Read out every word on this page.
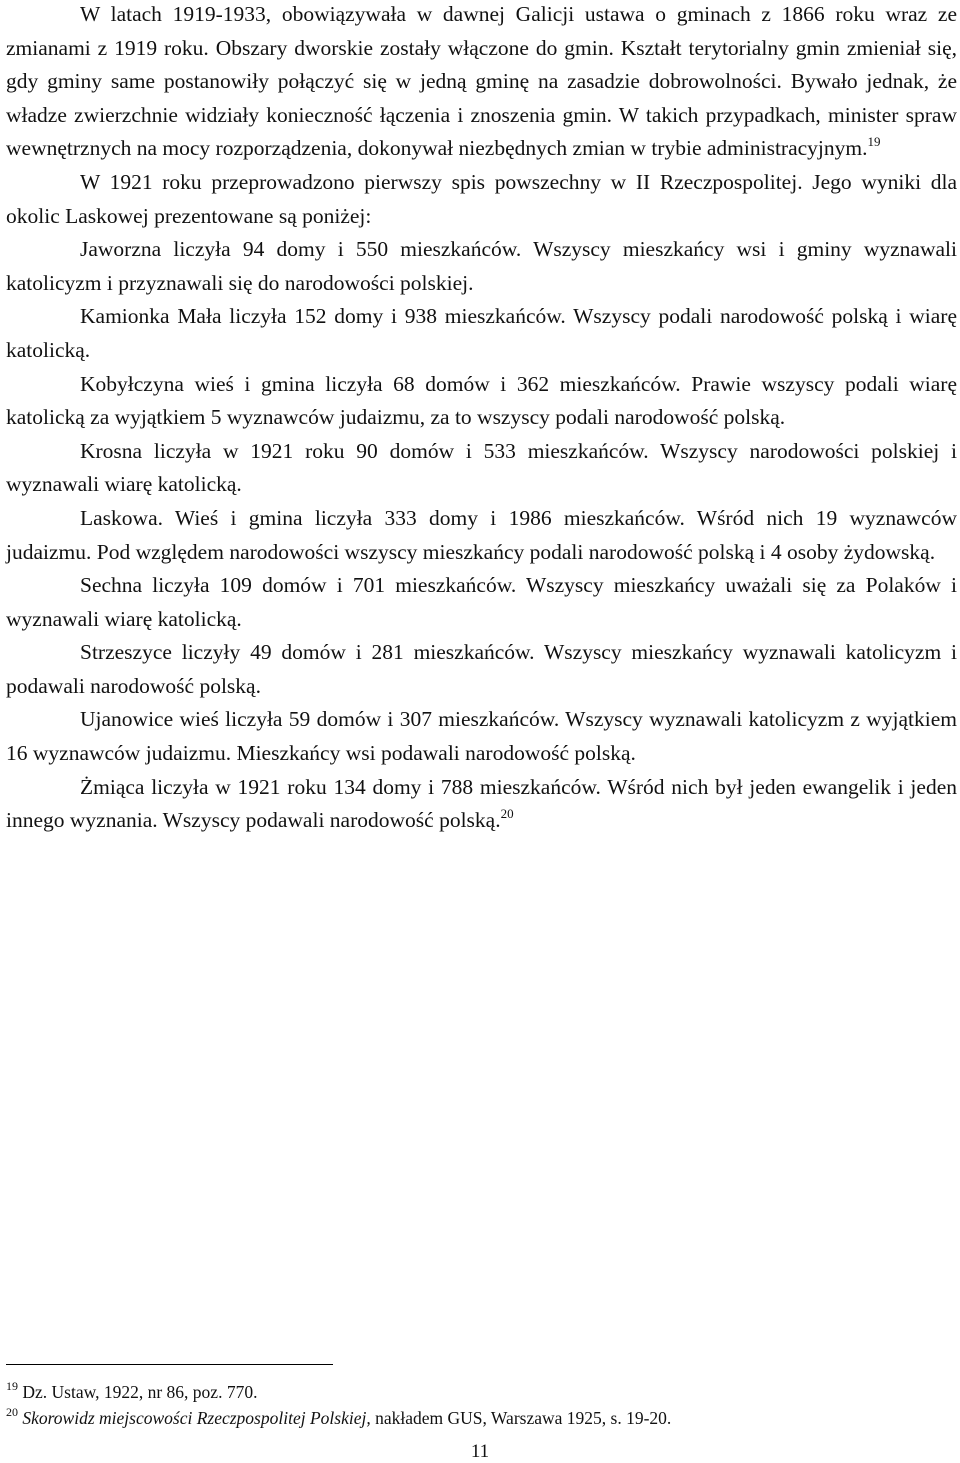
W latach 1919-1933, obowiązywała w dawnej Galicji ustawa o gminach z 1866 roku wraz ze zmianami z 1919 roku. Obszary dworskie zostały włączone do gmin. Kształt terytorialny gmin zmieniał się, gdy gminy same postanowiły połączyć się w jedną gminę na zasadzie dobrowolności. Bywało jednak, że władze zwierzchnie widziały konieczność łączenia i znoszenia gmin. W takich przypadkach, minister spraw wewnętrznych na mocy rozporządzenia, dokonywał niezbędnych zmian w trybie administracyjnym.$^{19}$

W 1921 roku przeprowadzono pierwszy spis powszechny w II Rzeczpospolitej. Jego wyniki dla okolic Laskowej prezentowane są poniżej:

Jaworzna liczyła 94 domy i 550 mieszkańców. Wszyscy mieszkańcy wsi i gminy wyznawali katolicyzm i przyznawali się do narodowości polskiej.

Kamionka Mała liczyła 152 domy i 938 mieszkańców. Wszyscy podali narodowość polską i wiarę katolicką.

Kobyłczyna wieś i gmina liczyła 68 domów i 362 mieszkańców. Prawie wszyscy podali wiarę katolicką za wyjątkiem 5 wyznawców judaizmu, za to wszyscy podali narodowość polską.

Krosna liczyła w 1921 roku 90 domów i 533 mieszkańców. Wszyscy narodowości polskiej i wyznawali wiarę katolicką.

Laskowa. Wieś i gmina liczyła 333 domy i 1986 mieszkańców. Wśród nich 19 wyznawców judaizmu. Pod względem narodowości wszyscy mieszkańcy podali narodowość polską i 4 osoby żydowską.

Sechna liczyła 109 domów i 701 mieszkańców. Wszyscy mieszkańcy uważali się za Polaków i wyznawali wiarę katolicką.

Strzeszyce liczyły 49 domów i 281 mieszkańców. Wszyscy mieszkańcy wyznawali katolicyzm i podawali narodowość polską.

Ujanowice wieś liczyła 59 domów i 307 mieszkańców. Wszyscy wyznawali katolicyzm z wyjątkiem 16 wyznawców judaizmu. Mieszkańcy wsi podawali narodowość polską.

Żmiąca liczyła w 1921 roku 134 domy i 788 mieszkańców. Wśród nich był jeden ewangelik i jeden innego wyznania. Wszyscy podawali narodowość polską.$^{20}$

$^{19}$ Dz. Ustaw, 1922, nr 86, poz. 770.
$^{20}$ Skorowidz miejscowości Rzeczpospolitej Polskiej, nakładem GUS, Warszawa 1925, s. 19-20.
11
